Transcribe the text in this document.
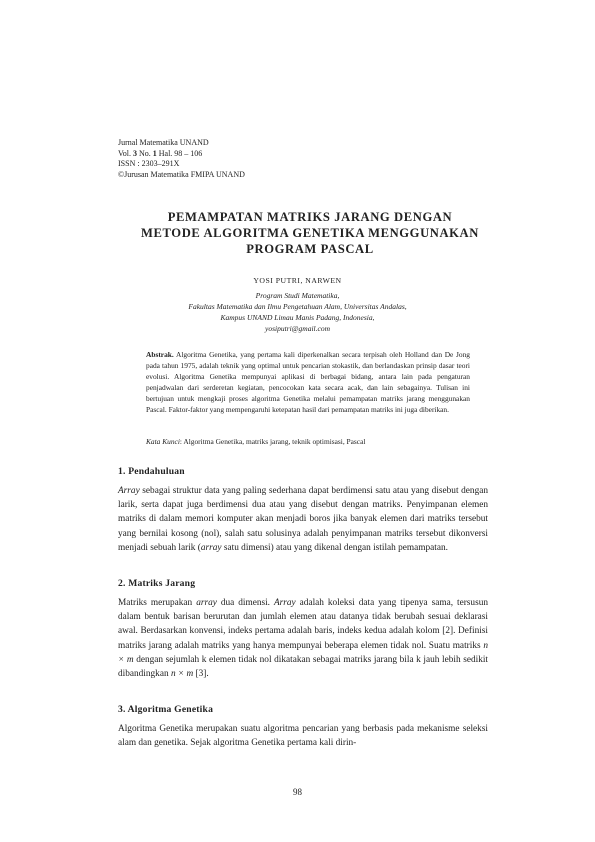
Jurnal Matematika UNAND
Vol. 3 No. 1 Hal. 98 – 106
ISSN : 2303–291X
©Jurusan Matematika FMIPA UNAND
PEMAMPATAN MATRIKS JARANG DENGAN
METODE ALGORITMA GENETIKA MENGGUNAKAN
PROGRAM PASCAL
YOSI PUTRI, NARWEN
Program Studi Matematika,
Fakultas Matematika dan Ilmu Pengetahuan Alam, Universitas Andalas,
Kampus UNAND Limau Manis Padang, Indonesia,
yosiputri@gmail.com
Abstrak. Algoritma Genetika, yang pertama kali diperkenalkan secara terpisah oleh Holland dan De Jong pada tahun 1975, adalah teknik yang optimal untuk pencarian stokastik, dan berlandaskan prinsip dasar teori evolusi. Algoritma Genetika mempunyai aplikasi di berbagai bidang, antara lain pada pengaturan penjadwalan dari serderetan kegiatan, pencocokan kata secara acak, dan lain sebagainya. Tulisan ini bertujuan untuk mengkaji proses algoritma Genetika melalui pemampatan matriks jarang menggunakan Pascal. Faktor-faktor yang mempengaruhi ketepatan hasil dari pemampatan matriks ini juga diberikan.
Kata Kunci: Algoritma Genetika, matriks jarang, teknik optimisasi, Pascal
1. Pendahuluan
Array sebagai struktur data yang paling sederhana dapat berdimensi satu atau yang disebut dengan larik, serta dapat juga berdimensi dua atau yang disebut dengan matriks. Penyimpanan elemen matriks di dalam memori komputer akan menjadi boros jika banyak elemen dari matriks tersebut yang bernilai kosong (nol), salah satu solusinya adalah penyimpanan matriks tersebut dikonversi menjadi sebuah larik (array satu dimensi) atau yang dikenal dengan istilah pemampatan.
2. Matriks Jarang
Matriks merupakan array dua dimensi. Array adalah koleksi data yang tipenya sama, tersusun dalam bentuk barisan berurutan dan jumlah elemen atau datanya tidak berubah sesuai deklarasi awal. Berdasarkan konvensi, indeks pertama adalah baris, indeks kedua adalah kolom [2]. Definisi matriks jarang adalah matriks yang hanya mempunyai beberapa elemen tidak nol. Suatu matriks n × m dengan sejumlah k elemen tidak nol dikatakan sebagai matriks jarang bila k jauh lebih sedikit dibandingkan n × m [3].
3. Algoritma Genetika
Algoritma Genetika merupakan suatu algoritma pencarian yang berbasis pada mekanisme seleksi alam dan genetika. Sejak algoritma Genetika pertama kali dirin-
98
